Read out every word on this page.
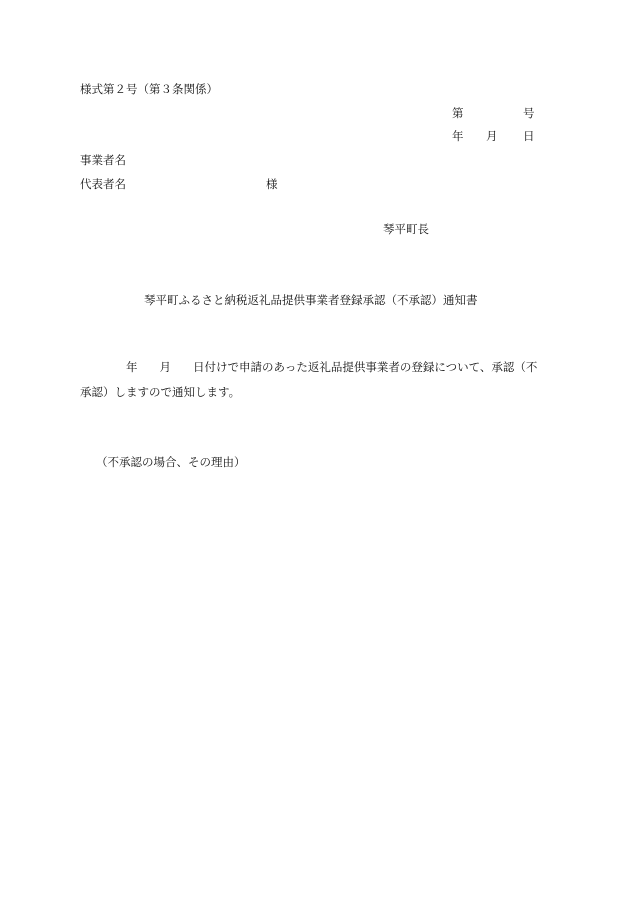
様式第２号（第３条関係）
第	号
年 月 日
事業者名
代表者名	様
琴平町長
琴平町ふるさと納税返礼品提供事業者登録承認（不承認）通知書
年 月 日付けで申請のあった返礼品提供事業者の登録について、承認（不
承認）しますので通知します。
（不承認の場合、その理由）
